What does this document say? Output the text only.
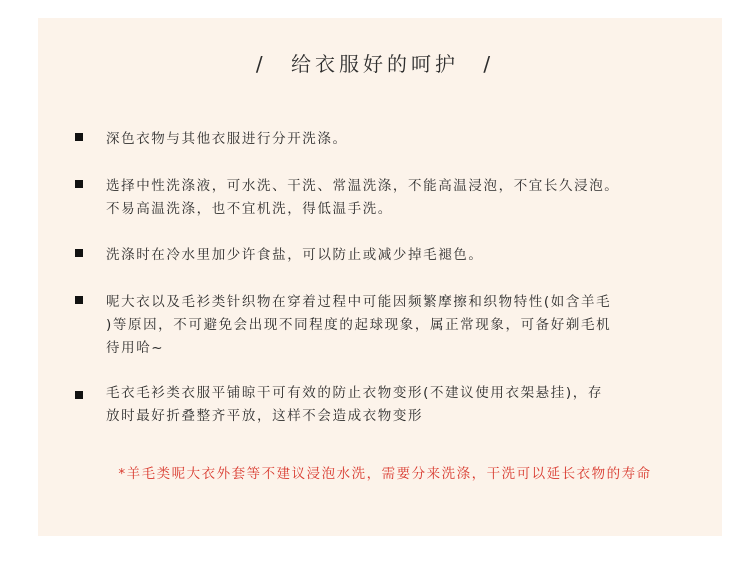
/ 给衣服好的呵护 /
深色衣物与其他衣服进行分开洗涤。
选择中性洗涤液，可水洗、干洗、常温洗涤，不能高温浸泡，不宜长久浸泡。
不易高温洗涤，也不宜机洗，得低温手洗。
洗涤时在冷水里加少许食盐，可以防止或减少掉毛褪色。
呢大衣以及毛衫类针织物在穿着过程中可能因频繁摩擦和织物特性(如含羊毛
)等原因，不可避免会出现不同程度的起球现象，属正常现象，可备好剃毛机
待用哈~
毛衣毛衫类衣服平铺晾干可有效的防止衣物变形(不建议使用衣架悬挂)，存
放时最好折叠整齐平放，这样不会造成衣物变形
*羊毛类呢大衣外套等不建议浸泡水洗，需要分来洗涤，干洗可以延长衣物的寿命
